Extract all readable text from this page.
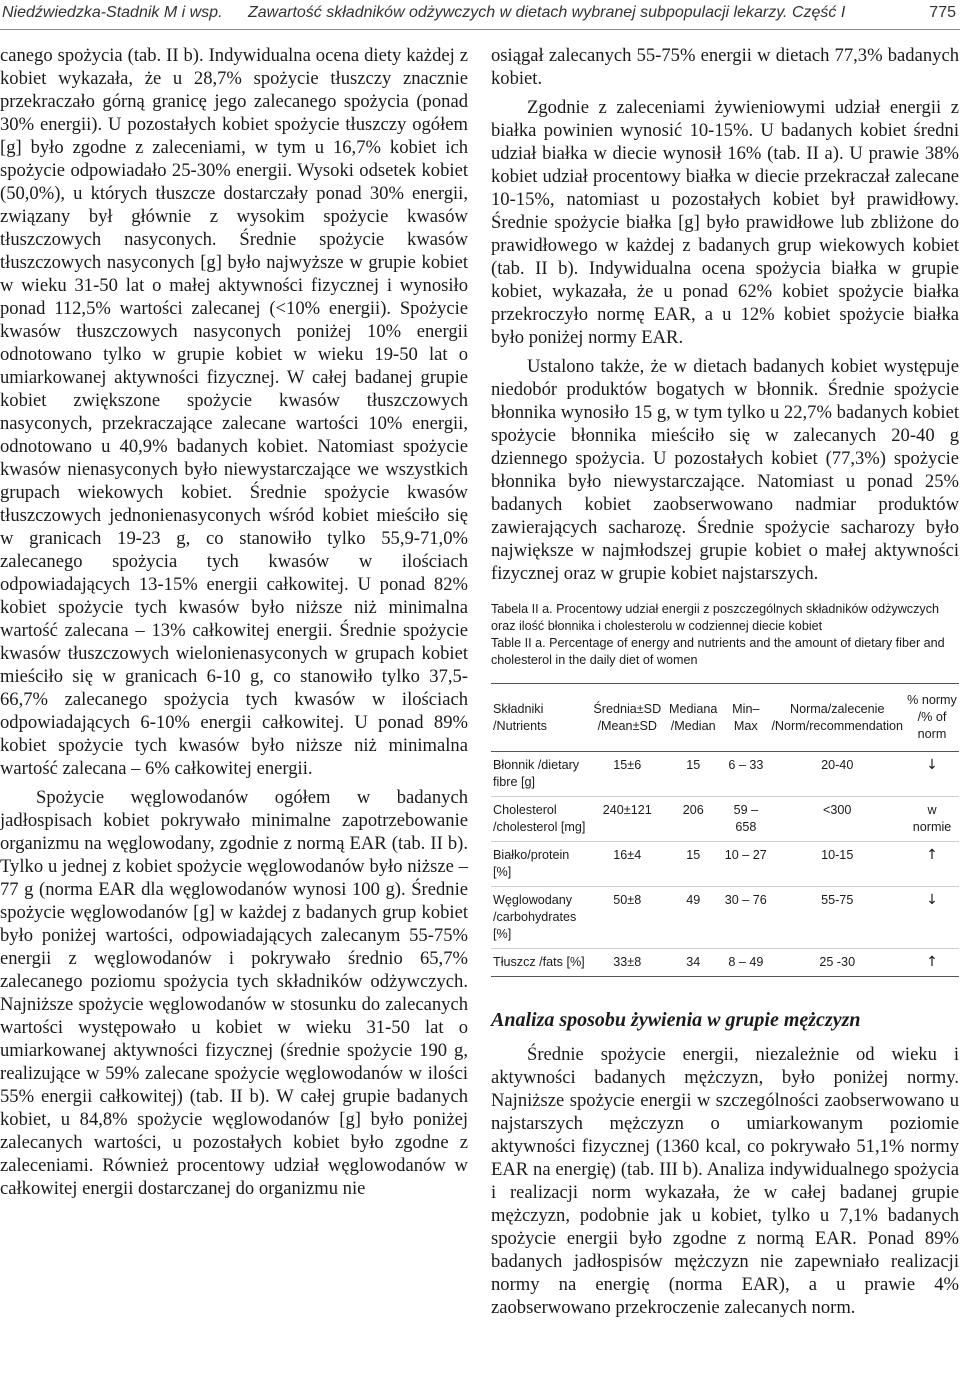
Niedźwiedzka-Stadnik M i wsp. Zawartość składników odżywczych w dietach wybranej subpopulacji lekarzy. Część I	775

canego spożycia (tab. II b). Indywidualna ocena diety każdej z kobiet wykazała, że u 28,7% spożycie tłuszczy znacznie przekraczało górną granicę jego zalecanego spożycia (ponad 30% energii). U pozostałych kobiet spożycie tłuszczy ogółem [g] było zgodne z zaleceniami, w tym u 16,7% kobiet ich spożycie odpowiadało 25-30% energii. Wysoki odsetek kobiet (50,0%), u których tłuszcze dostarczały ponad 30% energii, związany był głównie z wysokim spożycie kwasów tłuszczowych nasyconych. Średnie spożycie kwasów tłuszczowych nasyconych [g] było najwyższe w grupie kobiet w wieku 31-50 lat o małej aktywności fizycznej i wynosiło ponad 112,5% wartości zalecanej (<10% energii). Spożycie kwasów tłuszczowych nasyconych poniżej 10% energii odnotowano tylko w grupie kobiet w wieku 19-50 lat o umiarkowanej aktywności fizycznej. W całej badanej grupie kobiet zwiększone spożycie kwasów tłuszczowych nasyconych, przekraczające zalecane wartości 10% energii, odnotowano u 40,9% badanych kobiet. Natomiast spożycie kwasów nienasyconych było niewystarczające we wszystkich grupach wiekowych kobiet. Średnie spożycie kwasów tłuszczowych jednonienasyconych wśród kobiet mieściło się w granicach 19-23 g, co stanowiło tylko 55,9-71,0% zalecanego spożycia tych kwasów w ilościach odpowiadających 13-15% energii całkowitej. U ponad 82% kobiet spożycie tych kwasów było niższe niż minimalna wartość zalecana – 13% całkowitej energii. Średnie spożycie kwasów tłuszczowych wielonienasyconych w grupach kobiet mieściło się w granicach 6-10 g, co stanowiło tylko 37,5-66,7% zalecanego spożycia tych kwasów w ilościach odpowiadających 6-10% energii całkowitej. U ponad 89% kobiet spożycie tych kwasów było niższe niż minimalna wartość zalecana – 6% całkowitej energii.

Spożycie węglowodanów ogółem w badanych jadłospisach kobiet pokrywało minimalne zapotrzebowanie organizmu na węglowodany, zgodnie z normą EAR (tab. II b). Tylko u jednej z kobiet spożycie węglowodanów było niższe – 77 g (norma EAR dla węglowodanów wynosi 100 g). Średnie spożycie węglowodanów [g] w każdej z badanych grup kobiet było poniżej wartości, odpowiadających zalecanym 55-75% energii z węglowodanów i pokrywało średnio 65,7% zalecanego poziomu spożycia tych składników odżywczych. Najniższe spożycie węglowodanów w stosunku do zalecanych wartości występowało u kobiet w wieku 31-50 lat o umiarkowanej aktywności fizycznej (średnie spożycie 190 g, realizujące w 59% zalecane spożycie węglowodanów w ilości 55% energii całkowitej) (tab. II b). W całej grupie badanych kobiet, u 84,8% spożycie węglowodanów [g] było poniżej zalecanych wartości, u pozostałych kobiet było zgodne z zaleceniami. Również procentowy udział węglowodanów w całkowitej energii dostarczanej do organizmu nie

osiągał zalecanych 55-75% energii w dietach 77,3% badanych kobiet.

Zgodnie z zaleceniami żywieniowymi udział energii z białka powinien wynosić 10-15%. U badanych kobiet średni udział białka w diecie wynosił 16% (tab. II a). U prawie 38% kobiet udział procentowy białka w diecie przekraczał zalecane 10-15%, natomiast u pozostałych kobiet był prawidłowy. Średnie spożycie białka [g] było prawidłowe lub zbliżone do prawidłowego w każdej z badanych grup wiekowych kobiet (tab. II b). Indywidualna ocena spożycia białka w grupie kobiet, wykazała, że u ponad 62% kobiet spożycie białka przekroczyło normę EAR, a u 12% kobiet spożycie białka było poniżej normy EAR.

Ustalono także, że w dietach badanych kobiet występuje niedobór produktów bogatych w błonnik. Średnie spożycie błonnika wynosiło 15 g, w tym tylko u 22,7% badanych kobiet spożycie błonnika mieściło się w zalecanych 20-40 g dziennego spożycia. U pozostałych kobiet (77,3%) spożycie błonnika było niewystarczające. Natomiast u ponad 25% badanych kobiet zaobserwowano nadmiar produktów zawierających sacharozę. Średnie spożycie sacharozy było największe w najmłodszej grupie kobiet o małej aktywności fizycznej oraz w grupie kobiet najstarszych.

Tabela II a. Procentowy udział energii z poszczególnych składników odżywczych oraz ilość błonnika i cholesterolu w codziennej diecie kobiet
Table II a. Percentage of energy and nutrients and the amount of dietary fiber and cholesterol in the daily diet of women
Składniki /Nutrients	Średnia±SD /Mean±SD	Mediana /Median	Min– Max	Norma/zalecenie /Norm/recommendation	% normy /% of norm
Błonnik /dietary fibre [g]	15±6	15	6 – 33	20-40	↓
Cholesterol /cholesterol [mg]	240±121	206	59 – 658	<300	w normie
Białko/protein [%]	16±4	15	10 – 27	10-15	↑
Węglowodany /carbohydrates [%]	50±8	49	30 – 76	55-75	↓
Tłuszcz /fats [%]	33±8	34	8 – 49	25 -30	↑
Analiza sposobu żywienia w grupie mężczyzn

Średnie spożycie energii, niezależnie od wieku i aktywności badanych mężczyzn, było poniżej normy. Najniższe spożycie energii w szczególności zaobserwowano u najstarszych mężczyzn o umiarkowanym poziomie aktywności fizycznej (1360 kcal, co pokrywało 51,1% normy EAR na energię) (tab. III b). Analiza indywidualnego spożycia i realizacji norm wykazała, że w całej badanej grupie mężczyzn, podobnie jak u kobiet, tylko u 7,1% badanych spożycie energii było zgodne z normą EAR. Ponad 89% badanych jadłospisów mężczyzn nie zapewniało realizacji normy na energię (norma EAR), a u prawie 4% zaobserwowano przekroczenie zalecanych norm.
